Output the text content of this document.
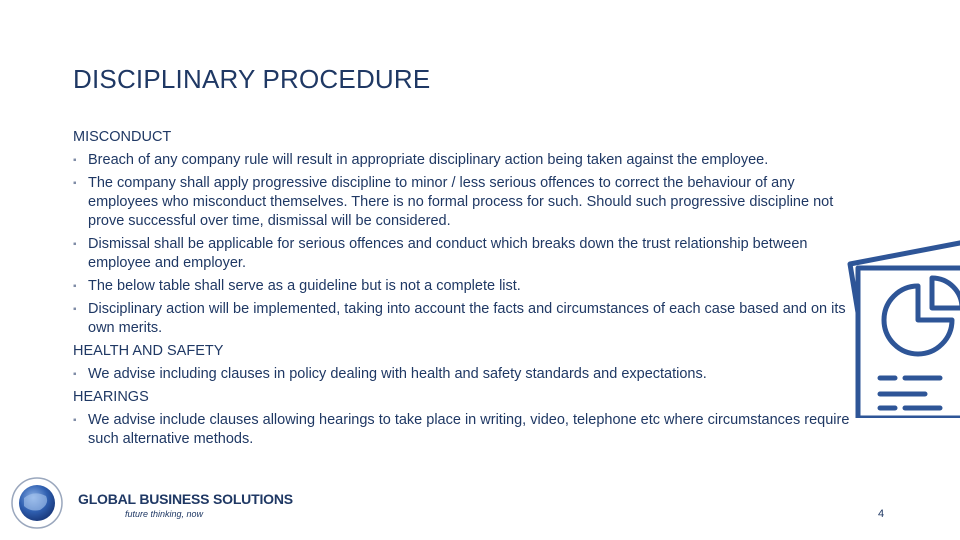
DISCIPLINARY PROCEDURE
MISCONDUCT
▪ Breach of any company rule will result in appropriate disciplinary action being taken against the employee.
▪ The company shall apply progressive discipline to minor / less serious offences to correct the behaviour of any employees who misconduct themselves. There is no formal process for such. Should such progressive discipline not prove successful over time, dismissal will be considered.
▪ Dismissal shall be applicable for serious offences and conduct which breaks down the trust relationship between employee and employer.
▪ The below table shall serve as a guideline but is not a complete list.
▪ Disciplinary action will be implemented, taking into account the facts and circumstances of each case based and on its own merits.
HEALTH AND SAFETY
▪ We advise including clauses in policy dealing with health and safety standards and expectations.
HEARINGS
▪ We advise include clauses allowing hearings to take place in writing, video, telephone etc where circumstances require such alternative methods.
GLOBAL BUSINESS SOLUTIONS
future thinking, now	4
